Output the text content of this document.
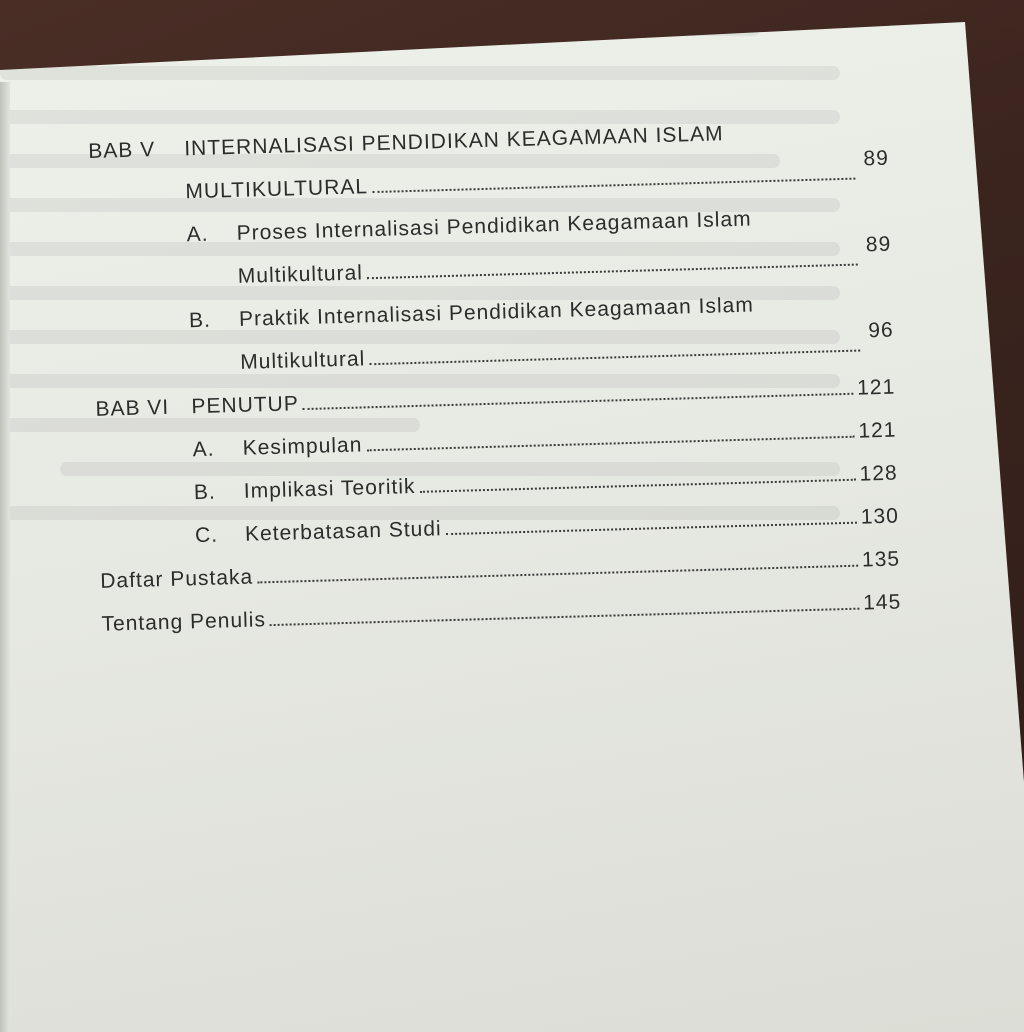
BAB V INTERNALISASI PENDIDIKAN KEAGAMAAN ISLAM
MULTIKULTURAL
89
A. Proses Internalisasi Pendidikan Keagamaan Islam
Multikultural
89
B. Praktik Internalisasi Pendidikan Keagamaan Islam
Multikultural
96
BAB VI PENUTUP
121
A. Kesimpulan
121
B. Implikasi Teoritik
128
C. Keterbatasan Studi
130
Daftar Pustaka
135
Tentang Penulis
145
